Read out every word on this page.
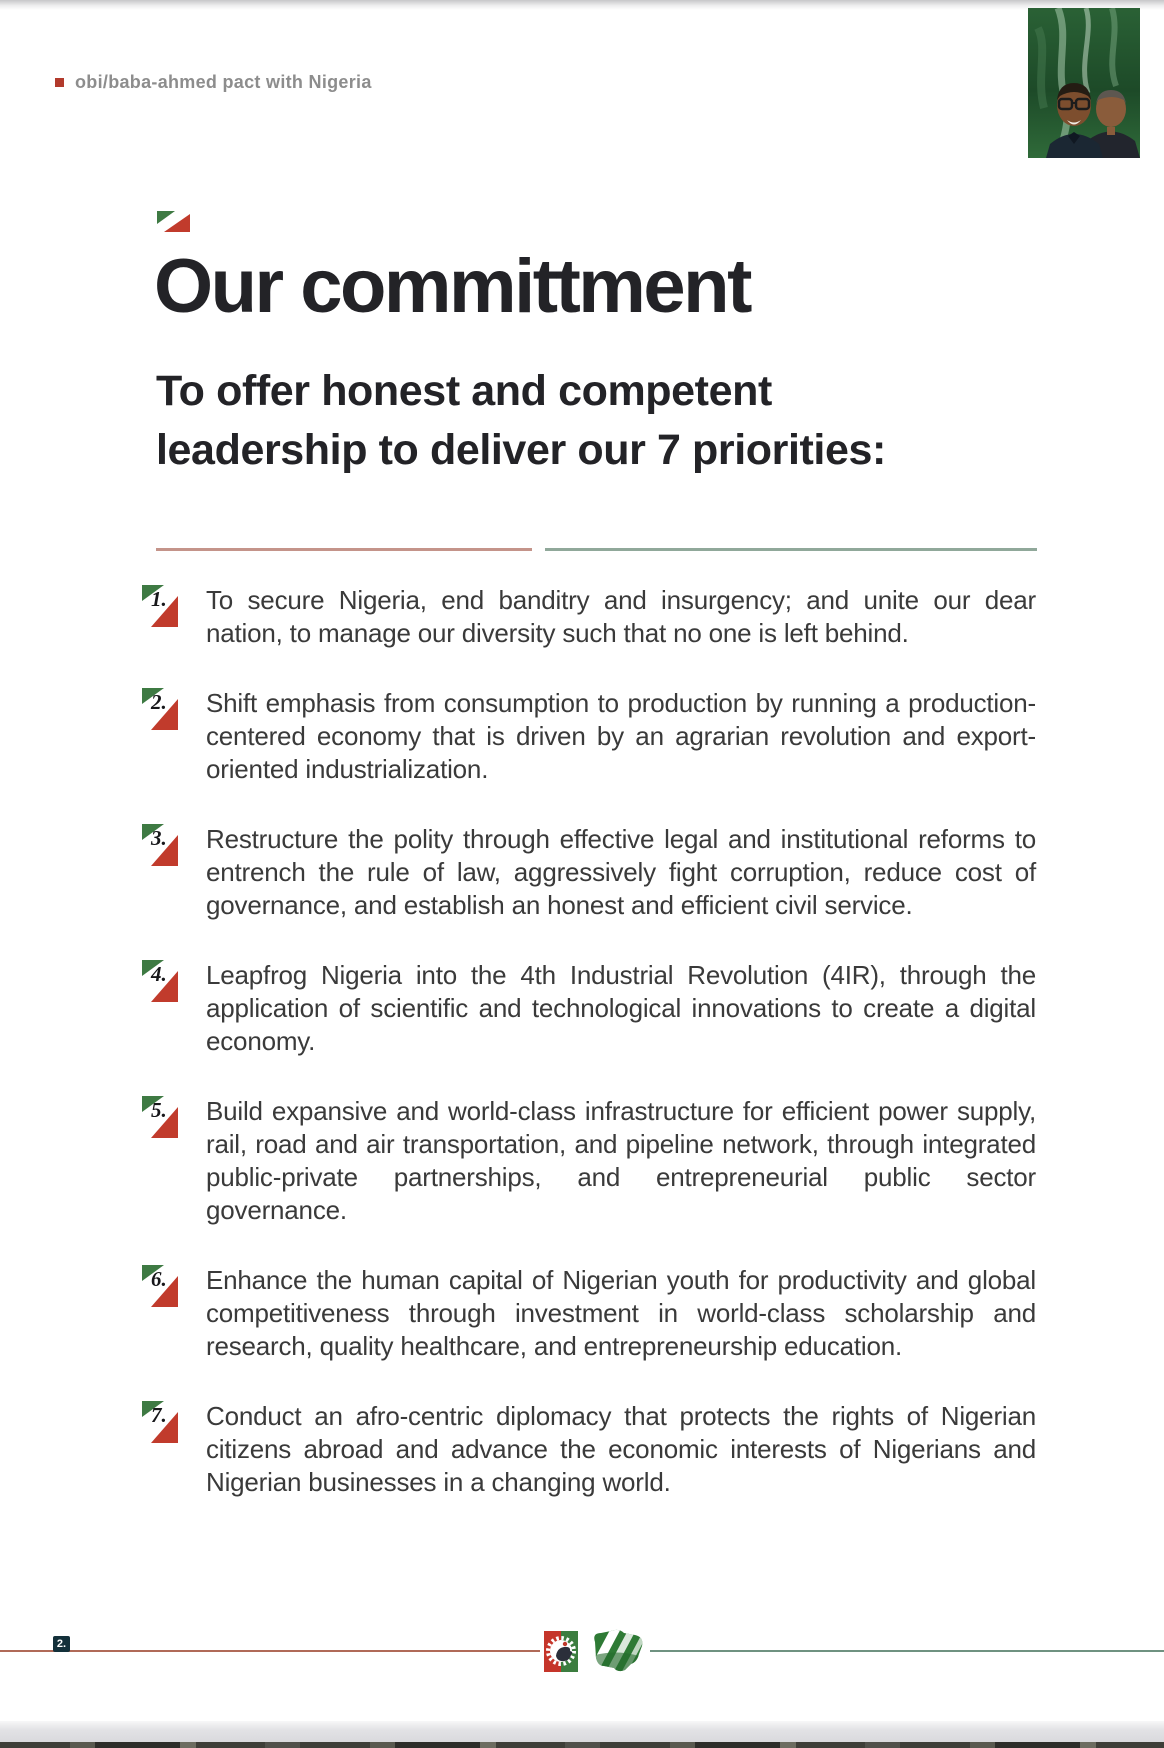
obi/baba-ahmed pact with Nigeria
Our committment
To offer honest and competent
leadership to deliver our 7 priorities:
1. To secure Nigeria, end banditry and insurgency; and unite our dear nation, to manage our diversity such that no one is left behind.

2. Shift emphasis from consumption to production by running a production-centered economy that is driven by an agrarian revolution and export-oriented industrialization.

3. Restructure the polity through effective legal and institutional reforms to entrench the rule of law, aggressively fight corruption, reduce cost of governance, and establish an honest and efficient civil service.

4. Leapfrog Nigeria into the 4th Industrial Revolution (4IR), through the application of scientific and technological innovations to create a digital economy.

5. Build expansive and world-class infrastructure for efficient power supply, rail, road and air transportation, and pipeline network, through integrated public-private partnerships, and entrepreneurial public sector governance.

6. Enhance the human capital of Nigerian youth for productivity and global competitiveness through investment in world-class scholarship and research, quality healthcare, and entrepreneurship education.

7. Conduct an afro-centric diplomacy that protects the rights of Nigerian citizens abroad and advance the economic interests of Nigerians and Nigerian businesses in a changing world.

2.
